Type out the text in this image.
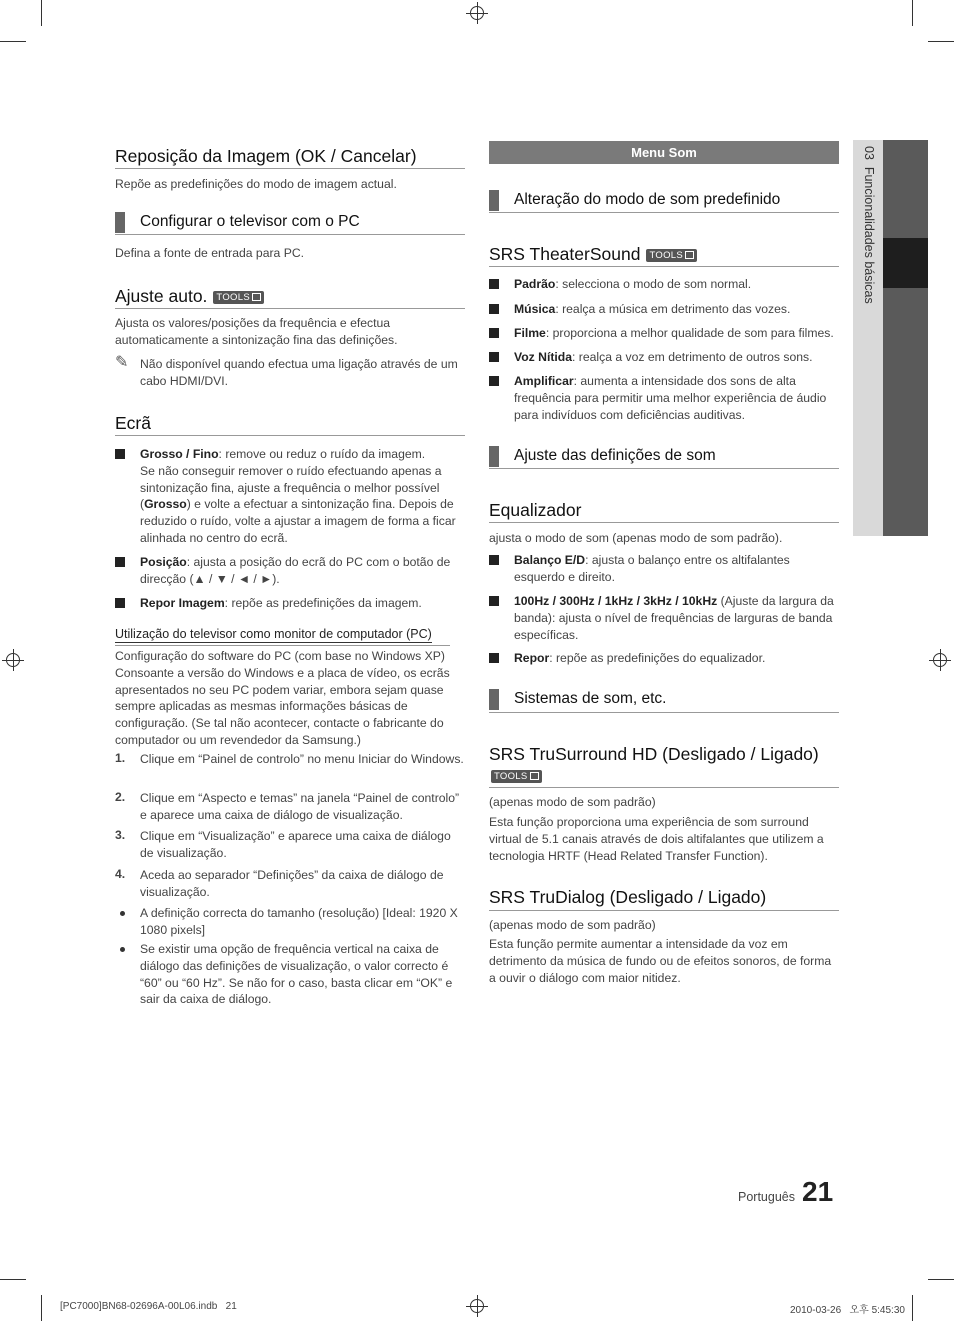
03  Funcionalidades básicas
Reposição da Imagem (OK / Cancelar)
Repõe as predefinições do modo de imagem actual.
Configurar o televisor com o PC
Defina a fonte de entrada para PC.
Ajuste auto. TOOLS
Ajusta os valores/posições da frequência e efectua automaticamente a sintonização fina das definições.
✎ Não disponível quando efectua uma ligação através de um cabo HDMI/DVI.
Ecrã
Grosso / Fino: remove ou reduz o ruído da imagem.
Se não conseguir remover o ruído efectuando apenas a sintonização fina, ajuste a frequência o melhor possível (Grosso) e volte a efectuar a sintonização fina. Depois de reduzido o ruído, volte a ajustar a imagem de forma a ficar alinhada no centro do ecrã.
Posição: ajusta a posição do ecrã do PC com o botão de direcção (▲ / ▼ / ◄ / ►).
Repor Imagem: repõe as predefinições da imagem.
Utilização do televisor como monitor de computador (PC)
Configuração do software do PC (com base no Windows XP) Consoante a versão do Windows e a placa de vídeo, os ecrãs apresentados no seu PC podem variar, embora sejam quase sempre aplicadas as mesmas informações básicas de configuração. (Se tal não acontecer, contacte o fabricante do computador ou um revendedor da Samsung.)
1. Clique em “Painel de controlo” no menu Iniciar do Windows.
2. Clique em “Aspecto e temas” na janela “Painel de controlo” e aparece uma caixa de diálogo de visualização.
3. Clique em “Visualização” e aparece uma caixa de diálogo de visualização.
4. Aceda ao separador “Definições” da caixa de diálogo de visualização.
A definição correcta do tamanho (resolução) [Ideal: 1920 X 1080 pixels]
Se existir uma opção de frequência vertical na caixa de diálogo das definições de visualização, o valor correcto é “60” ou “60 Hz”. Se não for o caso, basta clicar em “OK” e sair da caixa de diálogo.
Menu Som
Alteração do modo de som predefinido
SRS TheaterSound TOOLS
Padrão: selecciona o modo de som normal.
Música: realça a música em detrimento das vozes.
Filme: proporciona a melhor qualidade de som para filmes.
Voz Nítida: realça a voz em detrimento de outros sons.
Amplificar: aumenta a intensidade dos sons de alta frequência para permitir uma melhor experiência de áudio para indivíduos com deficiências auditivas.
Ajuste das definições de som
Equalizador
ajusta o modo de som (apenas modo de som padrão).
Balanço E/D: ajusta o balanço entre os altifalantes esquerdo e direito.
100Hz / 300Hz / 1kHz / 3kHz / 10kHz (Ajuste da largura da banda): ajusta o nível de frequências de larguras de banda específicas.
Repor: repõe as predefinições do equalizador.
Sistemas de som, etc.
SRS TruSurround HD (Desligado / Ligado)
TOOLS
(apenas modo de som padrão)
Esta função proporciona uma experiência de som surround virtual de 5.1 canais através de dois altifalantes que utilizem a tecnologia HRTF (Head Related Transfer Function).
SRS TruDialog (Desligado / Ligado)
(apenas modo de som padrão)
Esta função permite aumentar a intensidade da voz em detrimento da música de fundo ou de efeitos sonoros, de forma a ouvir o diálogo com maior nitidez.
Português 21
[PC7000]BN68-02696A-00L06.indb   21	2010-03-26   오후 5:45:30
